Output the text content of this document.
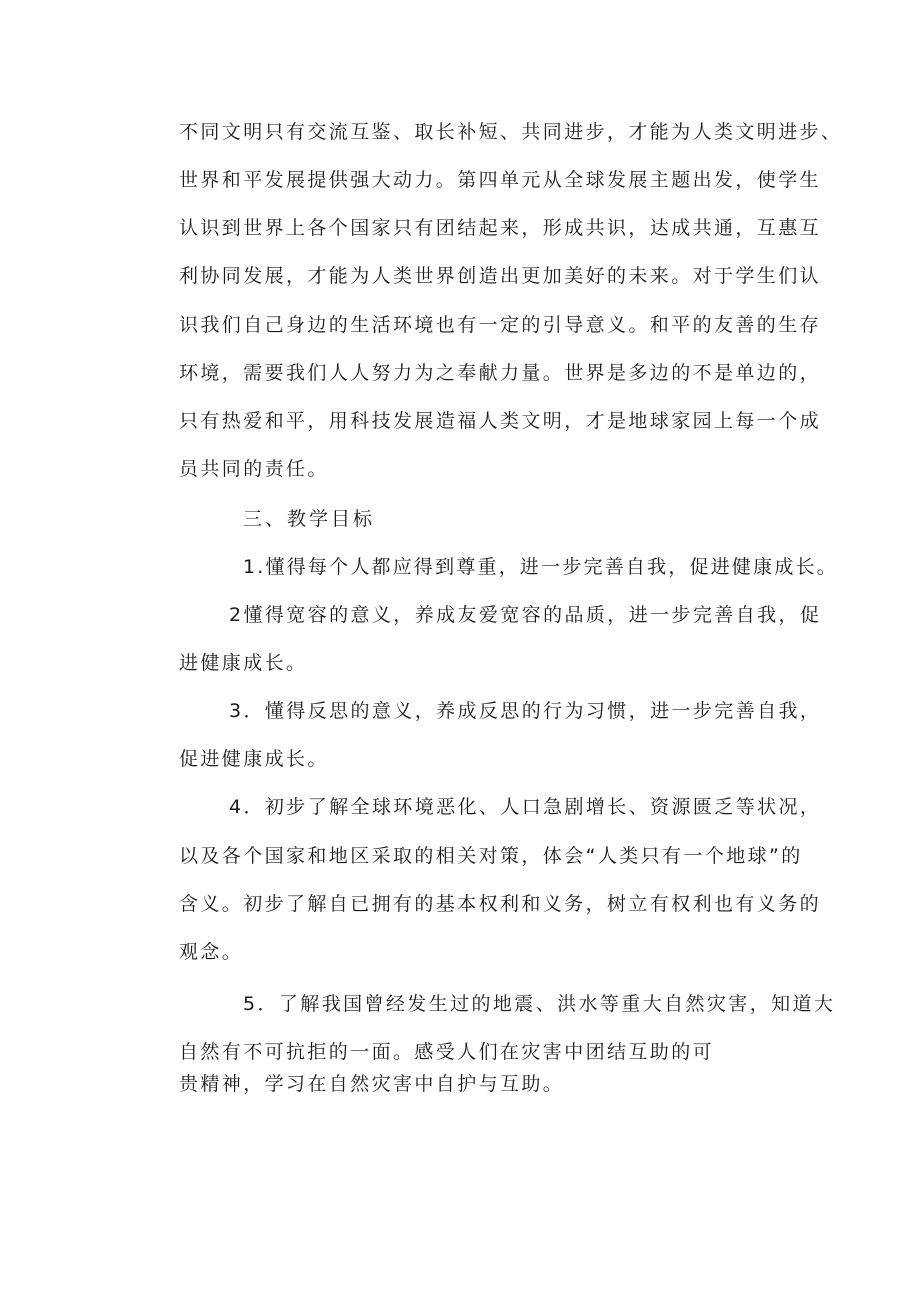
不同文明只有交流互鉴、取长补短、共同进步，才能为人类文明进步、
世界和平发展提供强大动力。第四单元从全球发展主题出发，使学生
认识到世界上各个国家只有团结起来，形成共识，达成共通，互惠互
利协同发展，才能为人类世界创造出更加美好的未来。对于学生们认
识我们自己身边的生活环境也有一定的引导意义。和平的友善的生存
环境，需要我们人人努力为之奉献力量。世界是多边的不是单边的，
只有热爱和平，用科技发展造福人类文明，才是地球家园上每一个成
员共同的责任。
三、教学目标
1.懂得每个人都应得到尊重，进一步完善自我，促进健康成长。
2懂得宽容的意义，养成友爱宽容的品质，进一步完善自我，促
进健康成长。
3．懂得反思的意义，养成反思的行为习惯，进一步完善自我，
促进健康成长。
4．初步了解全球环境恶化、人口急剧增长、资源匮乏等状况，
以及各个国家和地区采取的相关对策，体会“人类只有一个地球”的
含义。初步了解自已拥有的基本权利和义务，树立有权利也有义务的
观念。
5．了解我国曾经发生过的地震、洪水等重大自然灾害，知道大
自然有不可抗拒的一面。感受人们在灾害中团结互助的可
贵精神，学习在自然灾害中自护与互助。
